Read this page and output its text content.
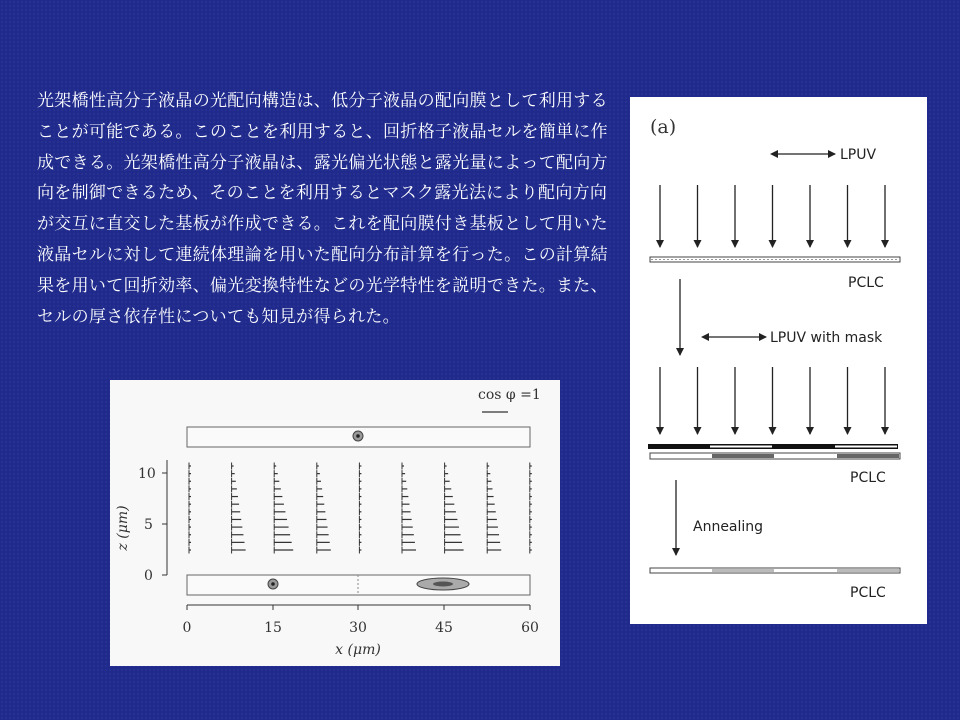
光架橋性高分子液晶の光配向構造は、低分子液晶の配向膜として利用することが可能である。このことを利用すると、回折格子液晶セルを簡単に作成できる。光架橋性高分子液晶は、露光偏光状態と露光量によって配向方向を制御できるため、そのことを利用するとマスク露光法により配向方向が交互に直交した基板が作成できる。これを配向膜付き基板として用いた液晶セルに対して連続体理論を用いた配向分布計算を行った。この計算結果を用いて回折効率、偏光変換特性などの光学特性を説明できた。また、セルの厚さ依存性についても知見が得られた。
cos φ =1
10
5
0
z (μm)
0	15	30	45	60
x (μm)
(a)
LPUV
PCLC
LPUV with mask
PCLC
Annealing
PCLC
